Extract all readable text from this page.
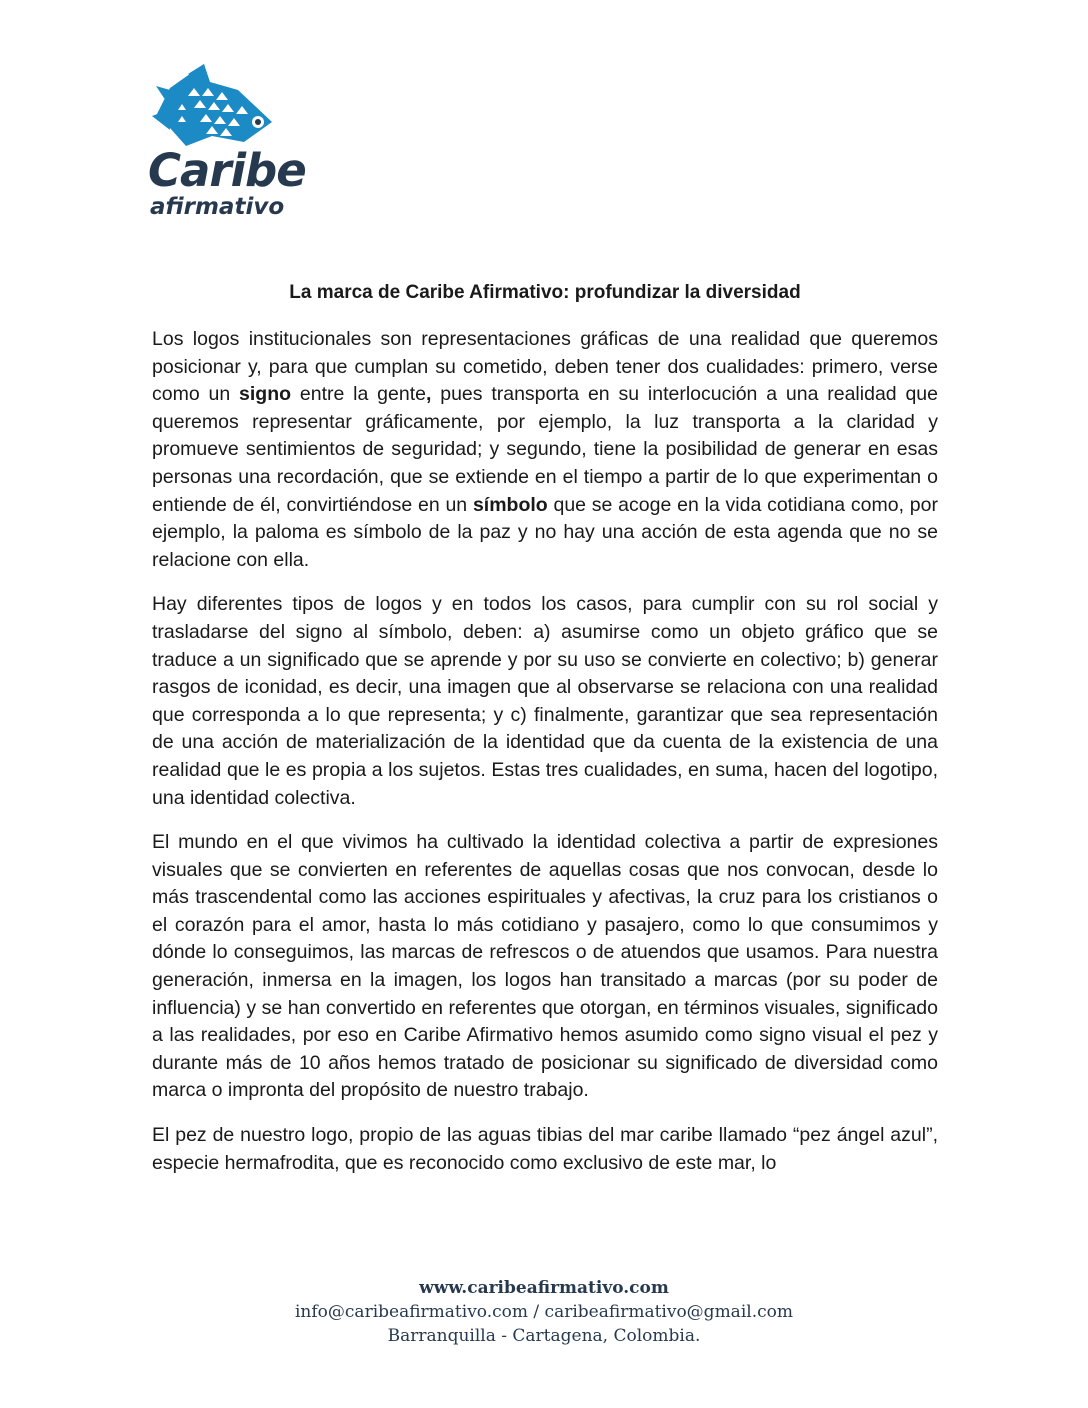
Caribe

afirmativo

La marca de Caribe Afirmativo: profundizar la diversidad

Los logos institucionales son representaciones gráficas de una realidad que queremos posicionar y, para que cumplan su cometido, deben tener dos cualidades: primero, verse como un signo entre la gente, pues transporta en su interlocución a una realidad que queremos representar gráficamente, por ejemplo, la luz transporta a la claridad y promueve sentimientos de seguridad; y segundo, tiene la posibilidad de generar en esas personas una recordación, que se extiende en el tiempo a partir de lo que experimentan o entiende de él, convirtiéndose en un símbolo que se acoge en la vida cotidiana como, por ejemplo, la paloma es símbolo de la paz y no hay una acción de esta agenda que no se relacione con ella.

Hay diferentes tipos de logos y en todos los casos, para cumplir con su rol social y trasladarse del signo al símbolo, deben: a) asumirse como un objeto gráfico que se traduce a un significado que se aprende y por su uso se convierte en colectivo; b) generar rasgos de iconidad, es decir, una imagen que al observarse se relaciona con una realidad que corresponda a lo que representa; y c) finalmente, garantizar que sea representación de una acción de materialización de la identidad que da cuenta de la existencia de una realidad que le es propia a los sujetos. Estas tres cualidades, en suma, hacen del logotipo, una identidad colectiva.

El mundo en el que vivimos ha cultivado la identidad colectiva a partir de expresiones visuales que se convierten en referentes de aquellas cosas que nos convocan, desde lo más trascendental como las acciones espirituales y afectivas, la cruz para los cristianos o el corazón para el amor, hasta lo más cotidiano y pasajero, como lo que consumimos y dónde lo conseguimos, las marcas de refrescos o de atuendos que usamos. Para nuestra generación, inmersa en la imagen, los logos han transitado a marcas (por su poder de influencia) y se han convertido en referentes que otorgan, en términos visuales, significado a las realidades, por eso en Caribe Afirmativo hemos asumido como signo visual el pez y durante más de 10 años hemos tratado de posicionar su significado de diversidad como marca o impronta del propósito de nuestro trabajo.

El pez de nuestro logo, propio de las aguas tibias del mar caribe llamado “pez ángel azul”, especie hermafrodita, que es reconocido como exclusivo de este mar, lo

www.caribeafirmativo.com
info@caribeafirmativo.com / caribeafirmativo@gmail.com
Barranquilla - Cartagena, Colombia.
